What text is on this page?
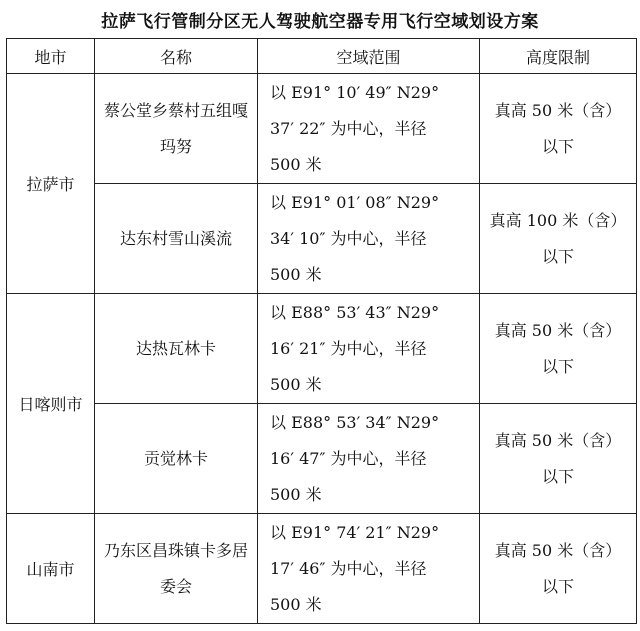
拉萨飞行管制分区无人驾驶航空器专用飞行空域划设方案
地市	名称	空域范围	高度限制
拉萨市	蔡公堂乡蔡村五组嘎玛努	以 E91° 10′ 49″ N29°
37′ 22″ 为中心，半径
500 米	真高 50 米（含）
以下

	达东村雪山溪流	以 E91° 01′ 08″ N29°
34′ 10″ 为中心，半径
500 米	真高 100 米（含）
以下

日喀则市	达热瓦林卡	以 E88° 53′ 43″ N29°
16′ 21″ 为中心，半径
500 米	真高 50 米（含）
以下

	贡觉林卡	以 E88° 53′ 34″ N29°
16′ 47″ 为中心，半径
500 米	真高 50 米（含）
以下

山南市	乃东区昌珠镇卡多居委会	以 E91° 74′ 21″ N29°
17′ 46″ 为中心，半径
500 米	真高 50 米（含）
以下
